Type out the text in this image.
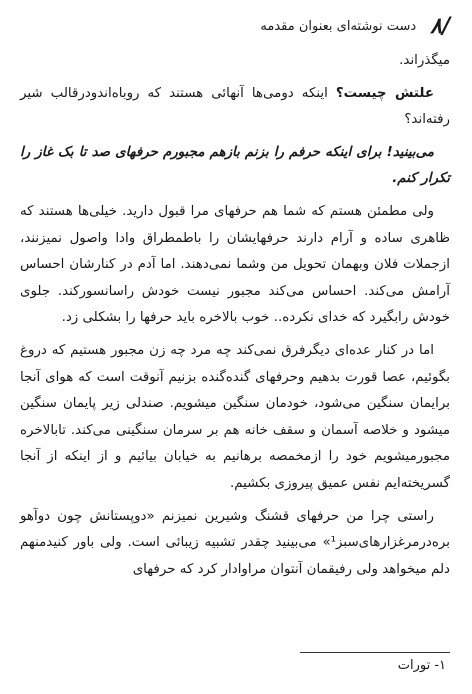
دست نوشته‌ای بعنوان مقدمه ۸/

میگذراند.

علتش چیست؟ اینکه دومی‌ها آنهائی هستند که روباه‌اندودرقالب شیر رفته‌اند؟

می‌بینید! برای اینکه حرفم را بزنم بازهم مجبورم حرفهای صد تا بک غاز را تکرار کنم.

ولی مطمئن هستم که شما هم حرفهای مرا قبول دارید. خیلی‌ها هستند که ظاهری ساده و آرام دارند حرفهایشان را باطمطراق وادا واصول نمیزنند، ازجملات فلان وبهمان تحویل من وشما نمی‌دهند. اما آدم در کنارشان احساس آرامش می‌کند. احساس می‌کند مجبور نیست خودش راسانسورکند. جلوی خودش رابگیرد که خدای نکرده.. خوب بالاخره باید حرفها را بشکلی زد.

اما در کنار عده‌ای دیگرفرق نمی‌کند چه مرد چه زن مجبور هستیم که دروغ بگوئیم، عصا قورت بدهیم وحرفهای گنده‌گنده بزنیم آنوقت است که هوای آنجا برایمان سنگین می‌شود، خودمان سنگین میشویم. صندلی زیر پایمان سنگین میشود و خلاصه آسمان و سقف خانه هم بر سرمان سنگینی می‌کند. تابالاخره مجبورمیشویم خود را ازمخمصه برهانیم به خیابان بیائیم و از اینکه از آنجا گسریخته‌ایم نفس عمیق پیروزی بکشیم.

راستی چرا من حرفهای قشنگ وشیرین نمیزنم «دوپستانش چون دوآهو بره‌درمرغزارهای‌سبز¹» می‌بینید چقدر تشبیه زیبائی است. ولی باور کنیدمنهم دلم میخواهد ولی رفیقمان آنتوان مراوادار کرد که حرفهای

۱- تورات
